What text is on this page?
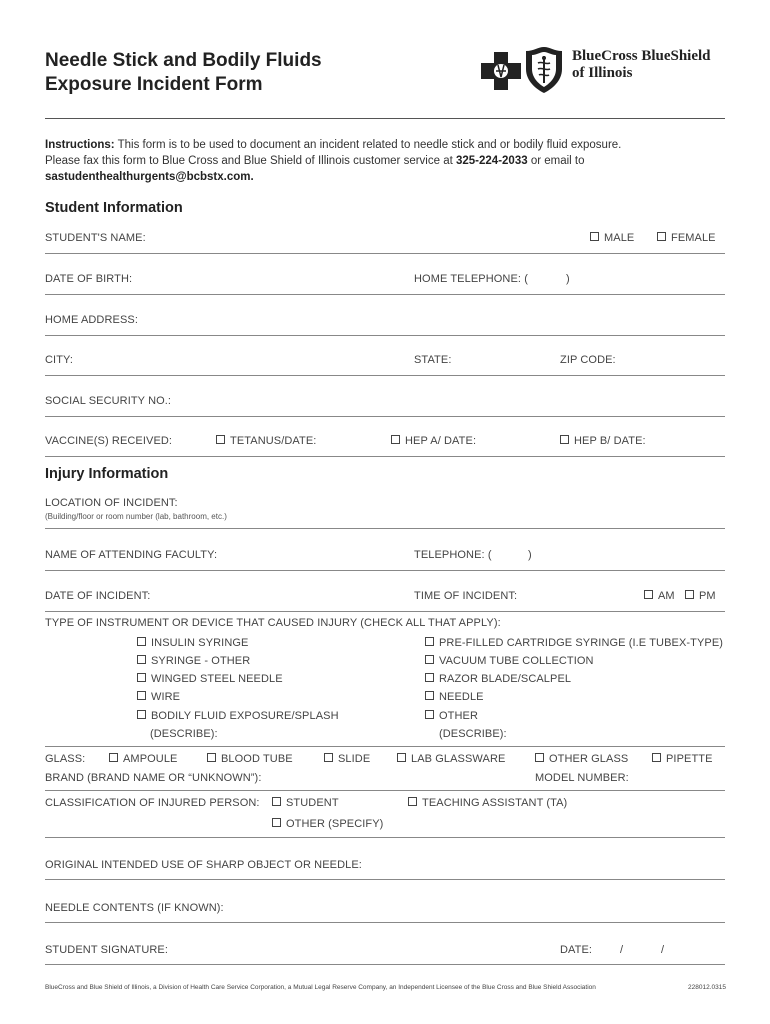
Needle Stick and Bodily Fluids
Exposure Incident Form
BlueCross BlueShield
of Illinois
Instructions: This form is to be used to document an incident related to needle stick and or bodily fluid exposure.
Please fax this form to Blue Cross and Blue Shield of Illinois customer service at 325-224-2033 or email to
sastudenthealthurgents@bcbstx.com.
Student Information
STUDENT'S NAME:	MALE	FEMALE
DATE OF BIRTH:	HOME TELEPHONE: (	)
HOME ADDRESS:
CITY:	STATE:	ZIP CODE:
SOCIAL SECURITY NO.:
VACCINE(S) RECEIVED:	TETANUS/DATE:	HEP A/ DATE:	HEP B/ DATE:
Injury Information
LOCATION OF INCIDENT:
(Building/floor or room number (lab, bathroom, etc.)
NAME OF ATTENDING FACULTY:	TELEPHONE: (	)
DATE OF INCIDENT:	TIME OF INCIDENT:	AM	PM
TYPE OF INSTRUMENT OR DEVICE THAT CAUSED INJURY (CHECK ALL THAT APPLY):
INSULIN SYRINGE
SYRINGE - OTHER
WINGED STEEL NEEDLE
WIRE
BODILY FLUID EXPOSURE/SPLASH
(DESCRIBE):
PRE-FILLED CARTRIDGE SYRINGE (I.E TUBEX-TYPE)
VACUUM TUBE COLLECTION
RAZOR BLADE/SCALPEL
NEEDLE
OTHER
(DESCRIBE):
GLASS:	AMPOULE	BLOOD TUBE	SLIDE	LAB GLASSWARE	OTHER GLASS	PIPETTE
BRAND (BRAND NAME OR “UNKNOWN”):	MODEL NUMBER:
CLASSIFICATION OF INJURED PERSON:	STUDENT	TEACHING ASSISTANT (TA)
OTHER (SPECIFY)
ORIGINAL INTENDED USE OF SHARP OBJECT OR NEEDLE:
NEEDLE CONTENTS (IF KNOWN):
STUDENT SIGNATURE:	DATE:	/	/
BlueCross and Blue Shield of Illinois, a Division of Health Care Service Corporation, a Mutual Legal Reserve Company, an Independent Licensee of the Blue Cross and Blue Shield Association	228012.0315
